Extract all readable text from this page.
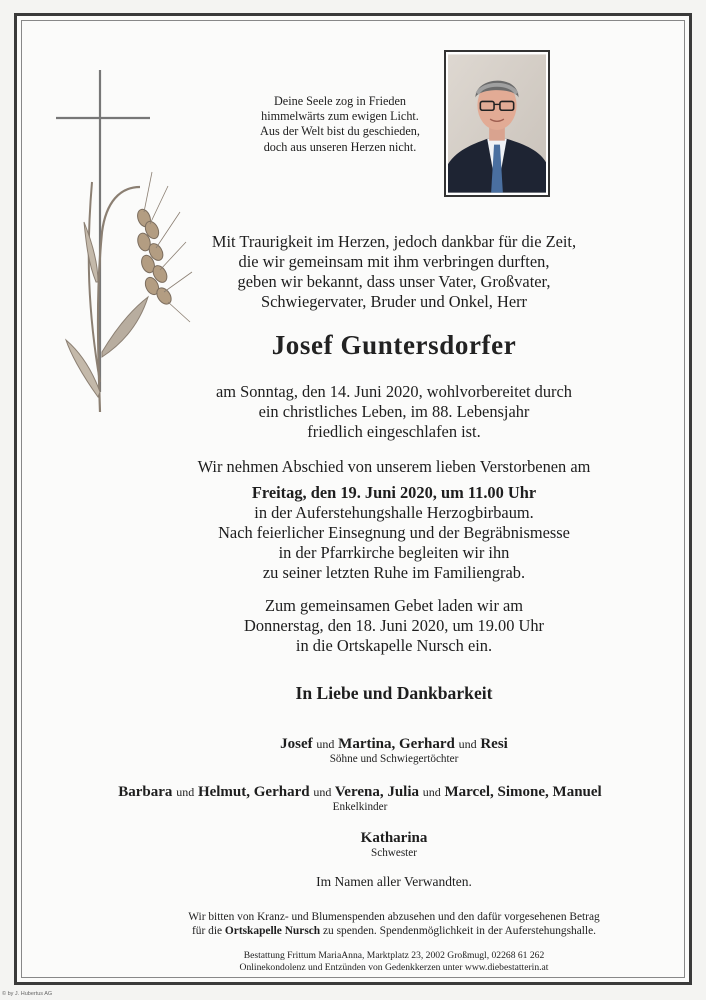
Deine Seele zog in Frieden
himmelwärts zum ewigen Licht.
Aus der Welt bist du geschieden,
doch aus unseren Herzen nicht.
Mit Traurigkeit im Herzen, jedoch dankbar für die Zeit,
die wir gemeinsam mit ihm verbringen durften,
geben wir bekannt, dass unser Vater, Großvater,
Schwiegervater, Bruder und Onkel, Herr
Josef Guntersdorfer
am Sonntag, den 14. Juni 2020, wohlvorbereitet durch
ein christliches Leben, im 88. Lebensjahr
friedlich eingeschlafen ist.
Wir nehmen Abschied von unserem lieben Verstorbenen am
Freitag, den 19. Juni 2020, um 11.00 Uhr
in der Auferstehungshalle Herzogbirbaum.
Nach feierlicher Einsegnung und der Begräbnismesse
in der Pfarrkirche begleiten wir ihn
zu seiner letzten Ruhe im Familiengrab.
Zum gemeinsamen Gebet laden wir am
Donnerstag, den 18. Juni 2020, um 19.00 Uhr
in die Ortskapelle Nursch ein.
In Liebe und Dankbarkeit
Josef und Martina, Gerhard und Resi
Söhne und Schwiegertöchter
Barbara und Helmut, Gerhard und Verena, Julia und Marcel, Simone, Manuel
Enkelkinder
Katharina
Schwester
Im Namen aller Verwandten.
Wir bitten von Kranz- und Blumenspenden abzusehen und den dafür vorgesehenen Betrag
für die Ortskapelle Nursch zu spenden. Spendenmöglichkeit in der Auferstehungshalle.
Bestattung Frittum MariaAnna, Marktplatz 23, 2002 Großmugl, 02268 61 262
Onlinekondolenz und Entzünden von Gedenkkerzen unter www.diebestatterin.at
© by J. Hubertus AG
